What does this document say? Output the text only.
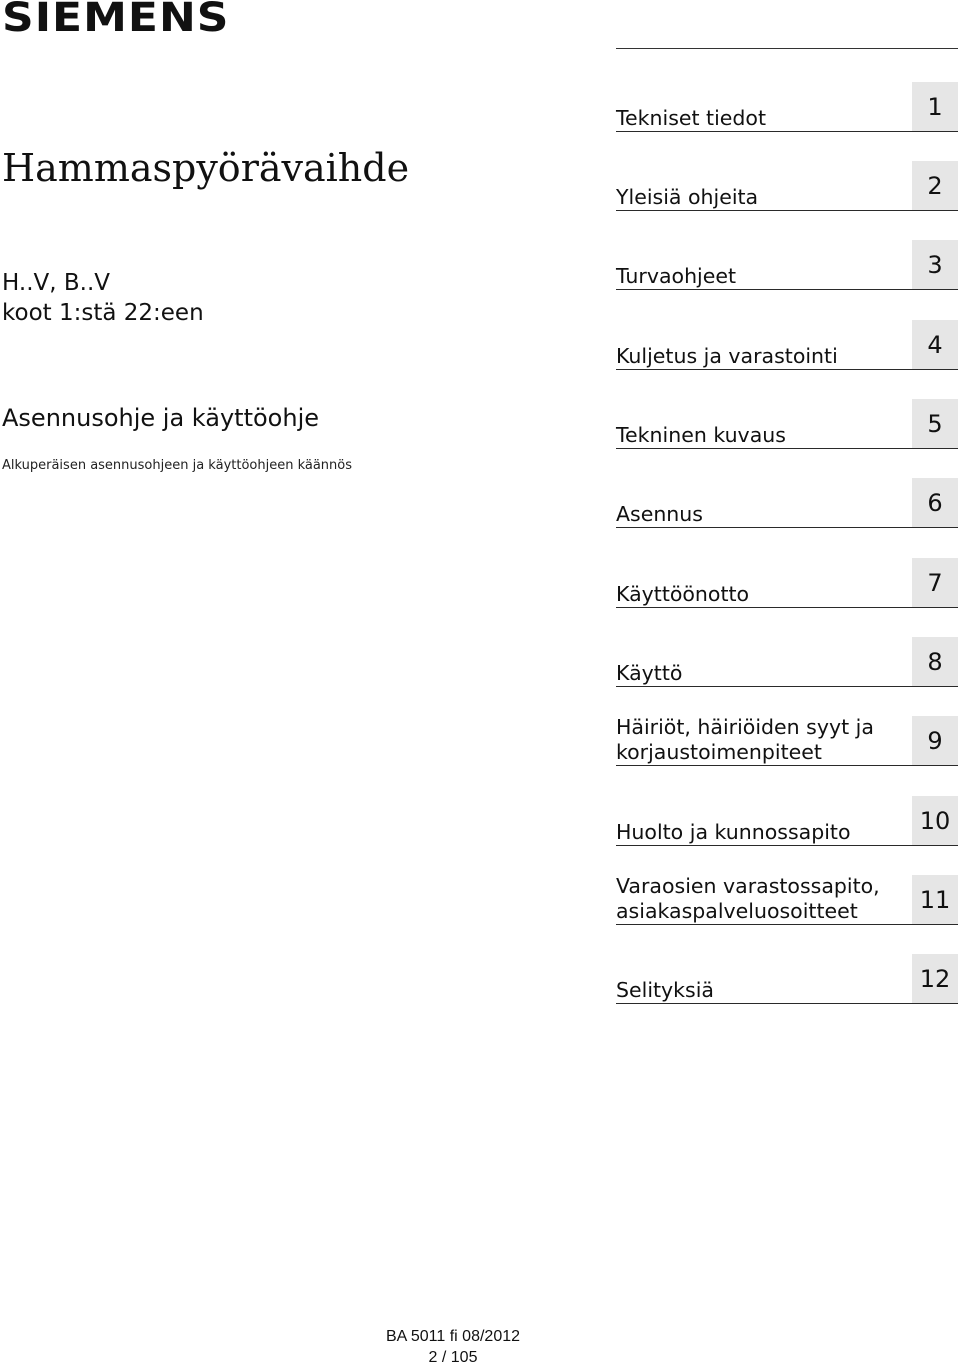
SIEMENS
Hammaspyörävaihde
H..V, B..V
koot 1:stä 22:een
Asennusohje ja käyttöohje
Alkuperäisen asennusohjeen ja käyttöohjeen käännös
Tekniset tiedot	1
Yleisiä ohjeita	2
Turvaohjeet	3
Kuljetus ja varastointi	4
Tekninen kuvaus	5
Asennus	6
Käyttöönotto	7
Käyttö	8
Häiriöt, häiriöiden syyt ja korjaustoimenpiteet	9
Huolto ja kunnossapito	10
Varaosien varastossapito, asiakaspalveluosoitteet	11
Selityksiä	12
BA 5011 fi 08/2012
2 / 105
